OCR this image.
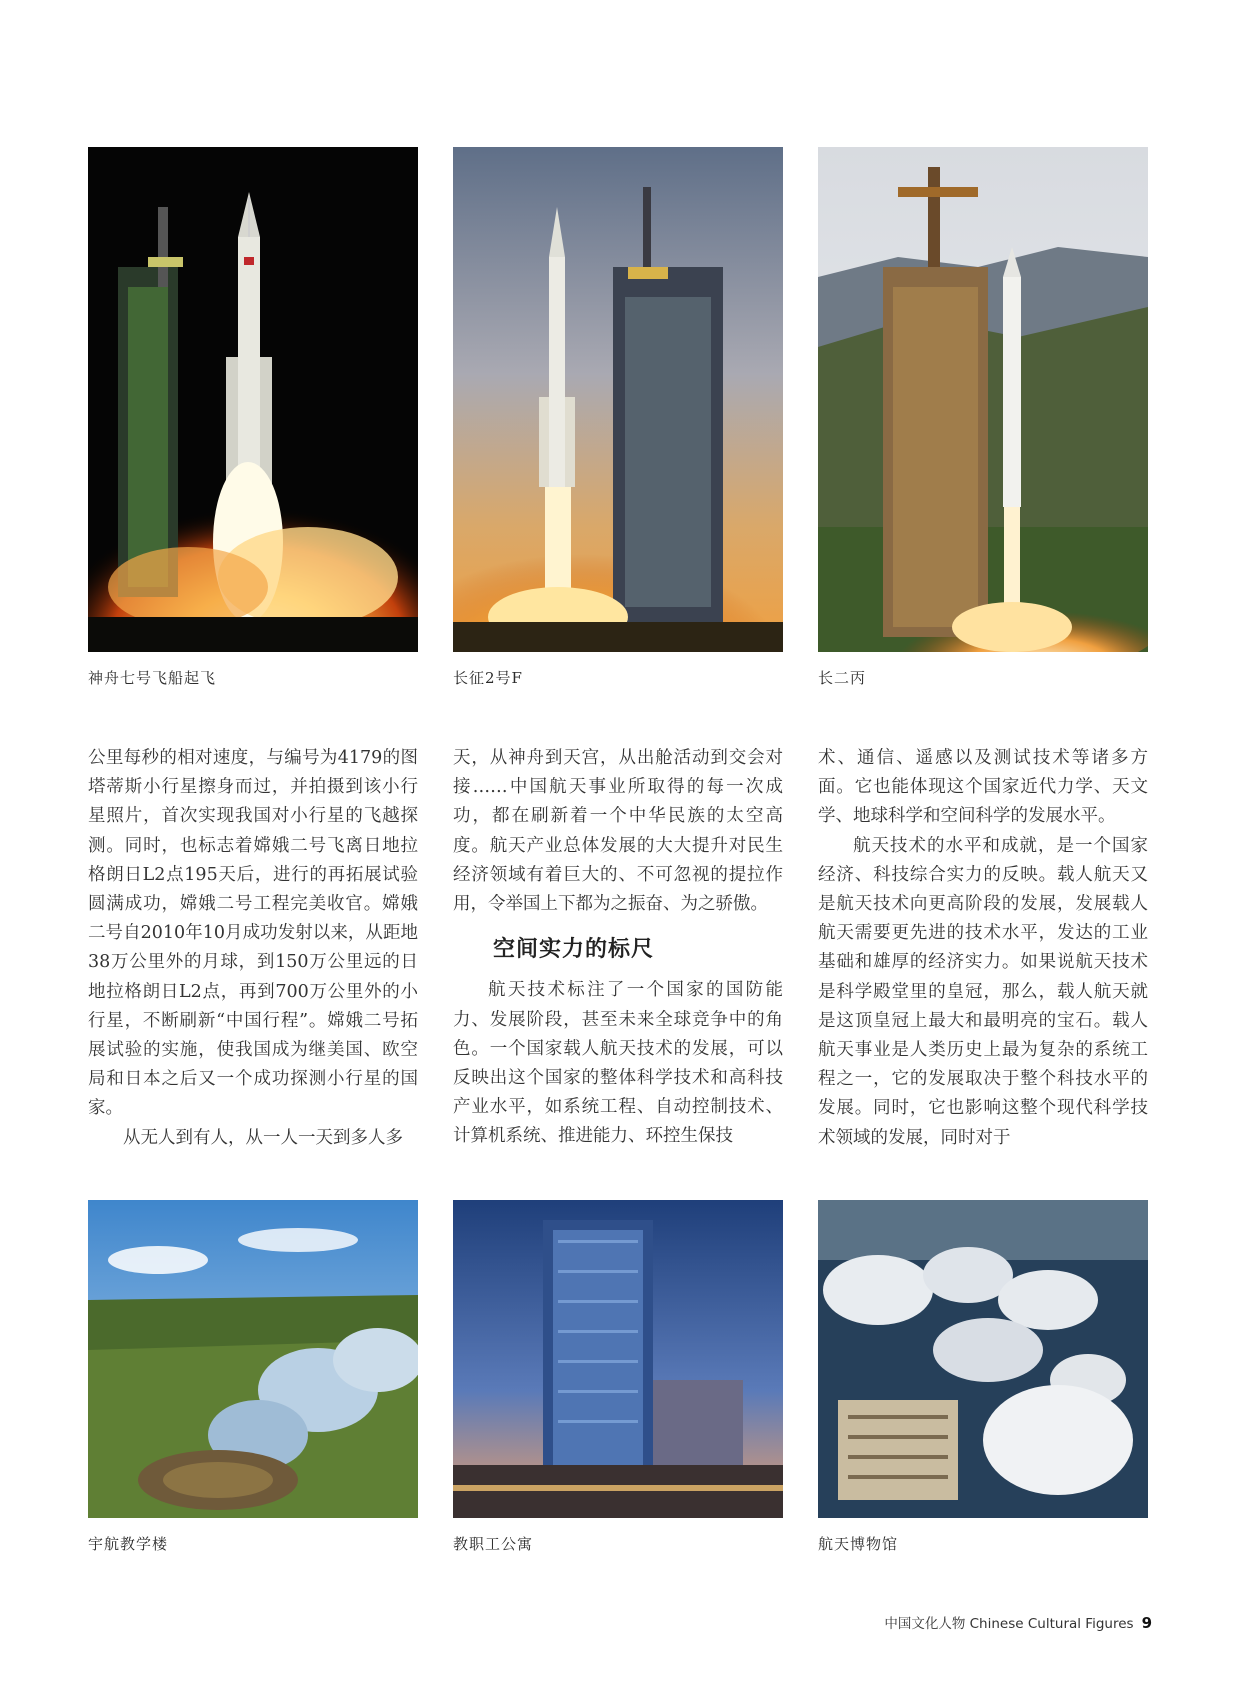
神舟七号飞船起飞	长征2号F	长二丙

公里每秒的相对速度，与编号为4179的图塔蒂斯小行星擦身而过，并拍摄到该小行星照片，首次实现我国对小行星的飞越探测。同时，也标志着嫦娥二号飞离日地拉格朗日L2点195天后，进行的再拓展试验圆满成功，嫦娥二号工程完美收官。嫦娥二号自2010年10月成功发射以来，从距地38万公里外的月球，到150万公里远的日地拉格朗日L2点，再到700万公里外的小行星，不断刷新“中国行程”。嫦娥二号拓展试验的实施，使我国成为继美国、欧空局和日本之后又一个成功探测小行星的国家。

从无人到有人，从一人一天到多人多

天，从神舟到天宫，从出舱活动到交会对接……中国航天事业所取得的每一次成功，都在刷新着一个中华民族的太空高度。航天产业总体发展的大大提升对民生经济领域有着巨大的、不可忽视的提拉作用，令举国上下都为之振奋、为之骄傲。

空间实力的标尺

航天技术标注了一个国家的国防能力、发展阶段，甚至未来全球竞争中的角色。一个国家载人航天技术的发展，可以反映出这个国家的整体科学技术和高科技产业水平，如系统工程、自动控制技术、计算机系统、推进能力、环控生保技

术、通信、遥感以及测试技术等诸多方面。它也能体现这个国家近代力学、天文学、地球科学和空间科学的发展水平。

航天技术的水平和成就，是一个国家经济、科技综合实力的反映。载人航天又是航天技术向更高阶段的发展，发展载人航天需要更先进的技术水平，发达的工业基础和雄厚的经济实力。如果说航天技术是科学殿堂里的皇冠，那么，载人航天就是这顶皇冠上最大和最明亮的宝石。载人航天事业是人类历史上最为复杂的系统工程之一，它的发展取决于整个科技水平的发展。同时，它也影响这整个现代科学技术领域的发展，同时对于

宇航教学楼	教职工公寓	航天博物馆
中国文化人物 Chinese Cultural Figures 9
